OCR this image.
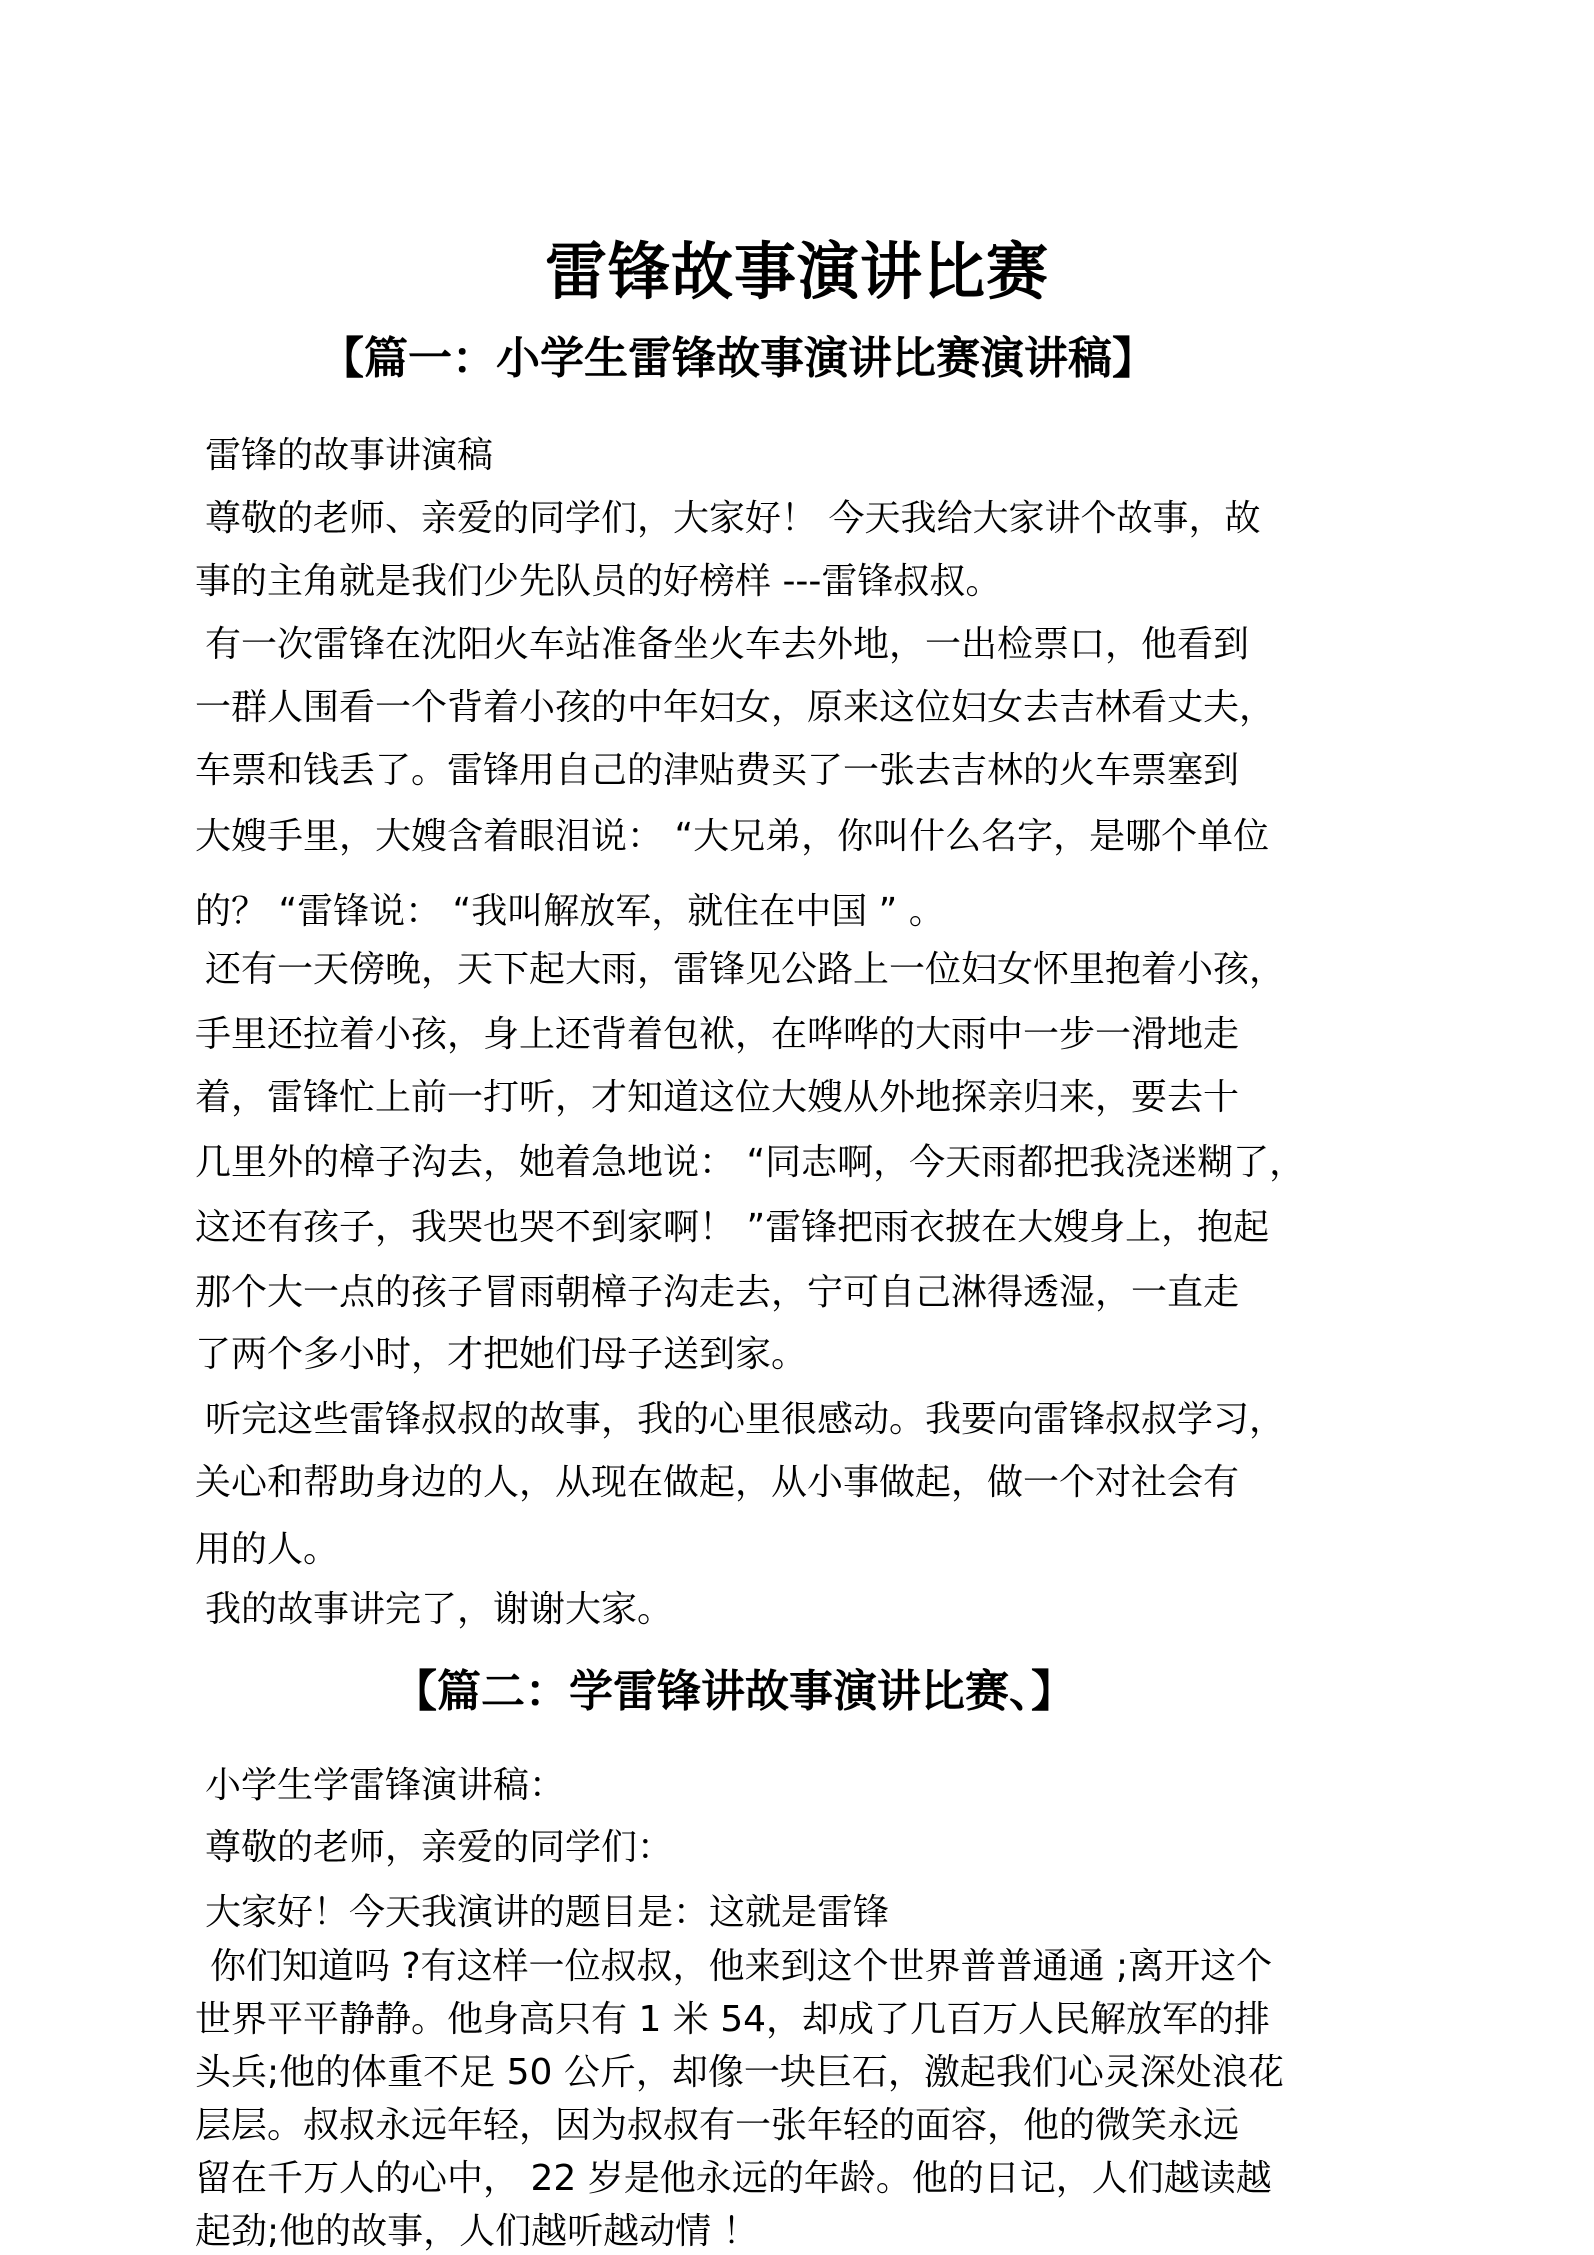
雷锋故事演讲比赛
【篇一：小学生雷锋故事演讲比赛演讲稿】
雷锋的故事讲演稿
尊敬的老师、亲爱的同学们，大家好！ 今天我给大家讲个故事，故
事的主角就是我们少先队员的好榜样 ---雷锋叔叔。
有一次雷锋在沈阳火车站准备坐火车去外地，一出检票口，他看到
一群人围看一个背着小孩的中年妇女，原来这位妇女去吉林看丈夫，
车票和钱丢了。雷锋用自己的津贴费买了一张去吉林的火车票塞到
大嫂手里，大嫂含着眼泪说： “大兄弟，你叫什么名字，是哪个单位
的？ “雷锋说： “我叫解放军，就住在中国 ” 。
还有一天傍晚，天下起大雨，雷锋见公路上一位妇女怀里抱着小孩，
手里还拉着小孩，身上还背着包袱，在哗哗的大雨中一步一滑地走
着，雷锋忙上前一打听，才知道这位大嫂从外地探亲归来，要去十
几里外的樟子沟去，她着急地说： “同志啊，今天雨都把我浇迷糊了，
这还有孩子，我哭也哭不到家啊！ ”雷锋把雨衣披在大嫂身上，抱起
那个大一点的孩子冒雨朝樟子沟走去，宁可自己淋得透湿，一直走
了两个多小时，才把她们母子送到家。
听完这些雷锋叔叔的故事，我的心里很感动。我要向雷锋叔叔学习，
关心和帮助身边的人，从现在做起，从小事做起，做一个对社会有
用的人。
我的故事讲完了，谢谢大家。
【篇二：学雷锋讲故事演讲比赛、】
小学生学雷锋演讲稿：
尊敬的老师，亲爱的同学们：
大家好！今天我演讲的题目是：这就是雷锋
你们知道吗 ?有这样一位叔叔，他来到这个世界普普通通 ;离开这个
世界平平静静。他身高只有 1 米 54，却成了几百万人民解放军的排
头兵;他的体重不足 50 公斤，却像一块巨石，激起我们心灵深处浪花
层层。叔叔永远年轻，因为叔叔有一张年轻的面容，他的微笑永远
留在千万人的心中， 22 岁是他永远的年龄。他的日记，人们越读越
起劲;他的故事，人们越听越动情 ！
